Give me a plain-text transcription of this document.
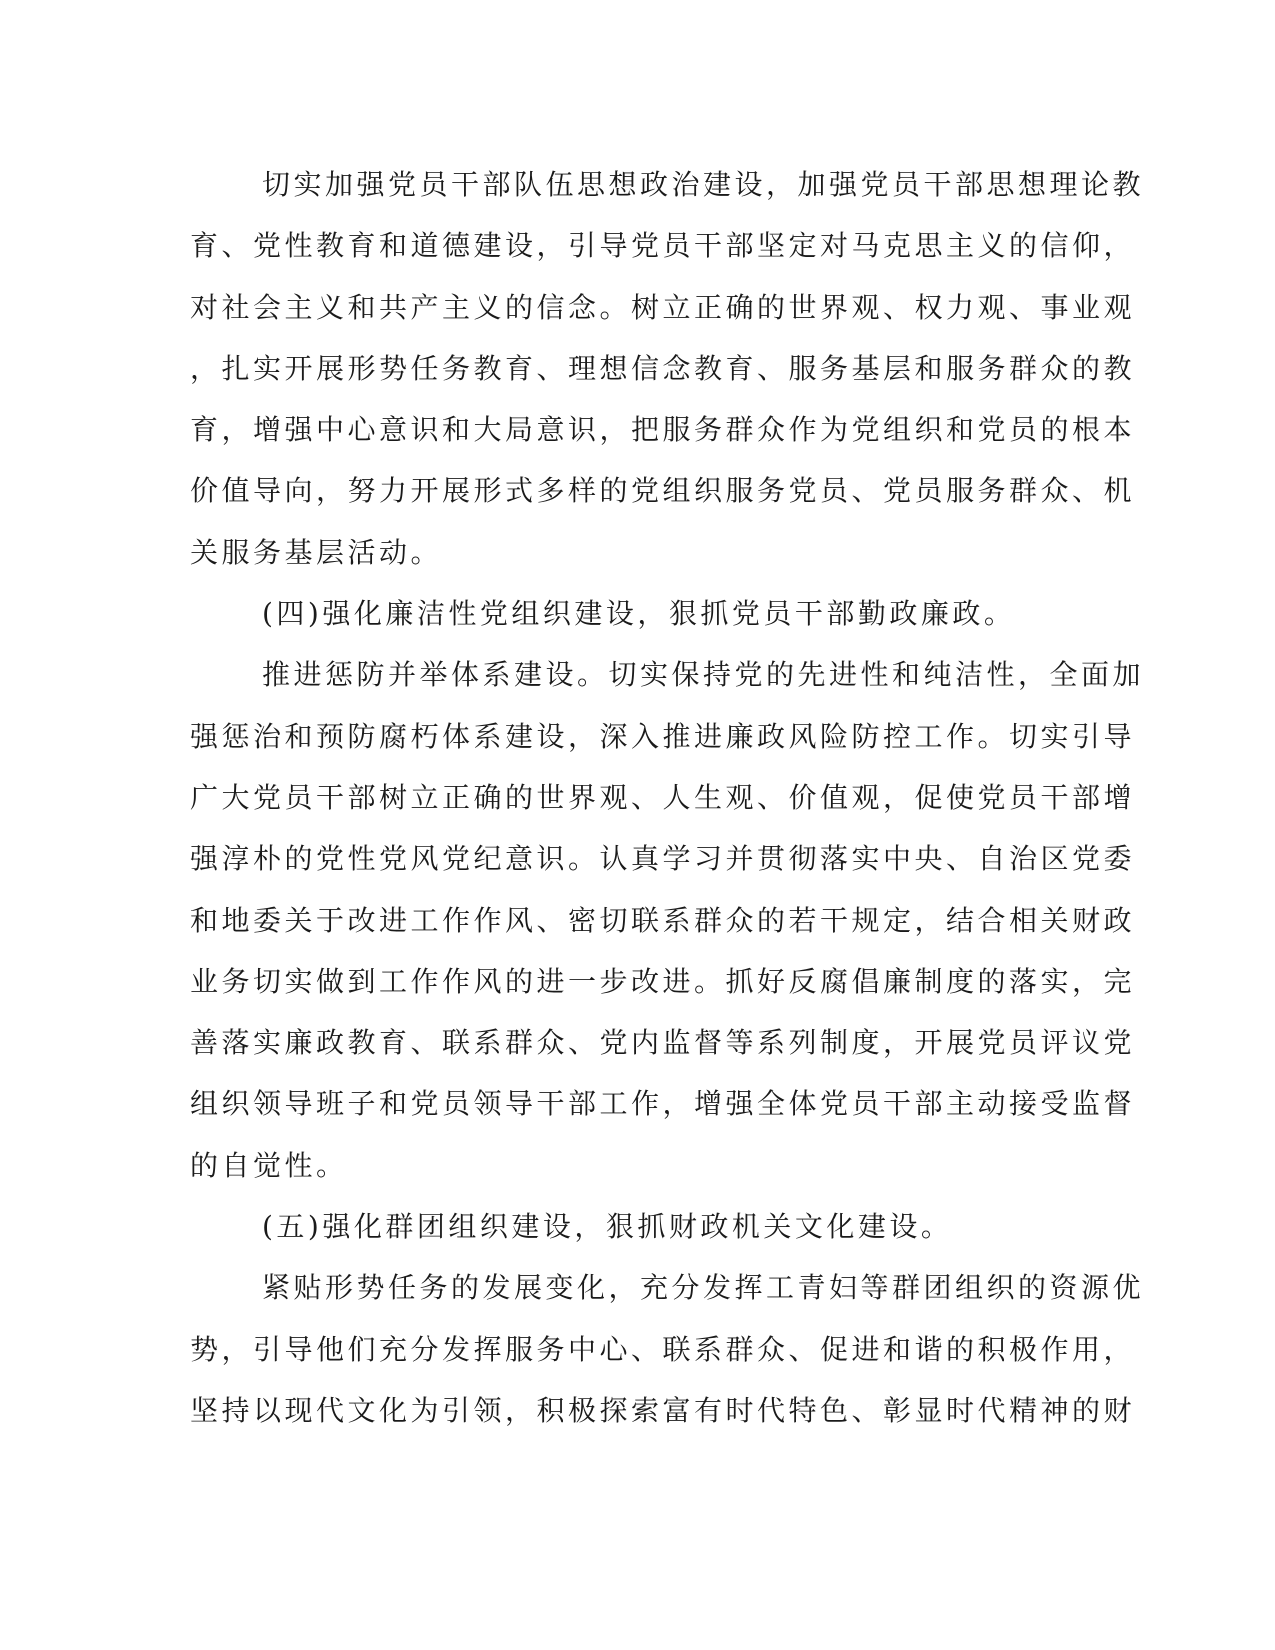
切实加强党员干部队伍思想政治建设，加强党员干部思想理论教
育、党性教育和道德建设，引导党员干部坚定对马克思主义的信仰，
对社会主义和共产主义的信念。树立正确的世界观、权力观、事业观
，扎实开展形势任务教育、理想信念教育、服务基层和服务群众的教
育，增强中心意识和大局意识，把服务群众作为党组织和党员的根本
价值导向，努力开展形式多样的党组织服务党员、党员服务群众、机
关服务基层活动。
(四)强化廉洁性党组织建设，狠抓党员干部勤政廉政。
推进惩防并举体系建设。切实保持党的先进性和纯洁性，全面加
强惩治和预防腐朽体系建设，深入推进廉政风险防控工作。切实引导
广大党员干部树立正确的世界观、人生观、价值观，促使党员干部增
强淳朴的党性党风党纪意识。认真学习并贯彻落实中央、自治区党委
和地委关于改进工作作风、密切联系群众的若干规定，结合相关财政
业务切实做到工作作风的进一步改进。抓好反腐倡廉制度的落实，完
善落实廉政教育、联系群众、党内监督等系列制度，开展党员评议党
组织领导班子和党员领导干部工作，增强全体党员干部主动接受监督
的自觉性。
(五)强化群团组织建设，狠抓财政机关文化建设。
紧贴形势任务的发展变化，充分发挥工青妇等群团组织的资源优
势，引导他们充分发挥服务中心、联系群众、促进和谐的积极作用，
坚持以现代文化为引领，积极探索富有时代特色、彰显时代精神的财
